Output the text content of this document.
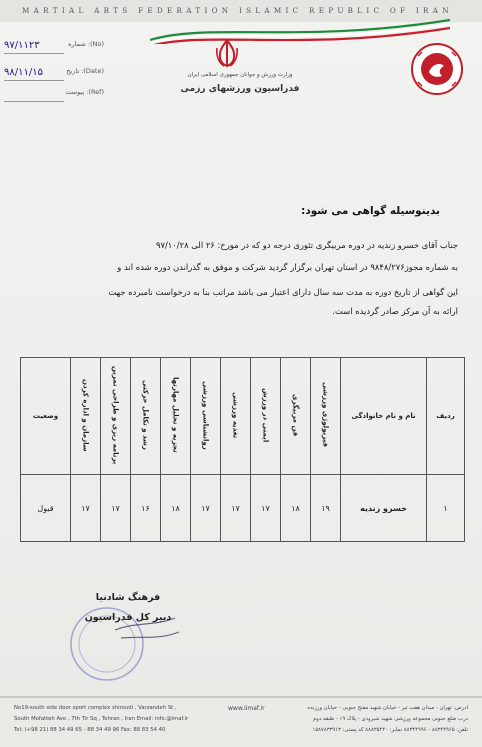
MARTIAL ARTS FEDERATION ISLAMIC REPUBLIC OF IRAN
۹۷/۱۱۲۳	شماره :(No)
۹۸/۱۱/۱۵	تاریخ :(Date)
پیوست :(Ref)
وزارت ورزش و جوانان جمهوری اسلامی ایران
فدراسیون ورزشهای رزمی
بدینوسیله گواهی می شود:
جناب آقای خسرو زندیه در دوره مربیگری تئوری درجه دو که در مورخ: ۲۶ الی ۹۷/۱۰/۲۸
به شماره مجوز۹۸۴۸/۲۷۶ در استان تهران برگزار گردید شرکت و موفق به گذراندن دوره شده اند و
این گواهی از تاریخ دوره به مدت سه سال دارای اعتبار می باشد مراتب بنا به درخواست نامبرده جهت
ارائه به آن مرکز صادر گردیده است.
ردیف	نام و نام خانوادگی	فیزیولوژی ورزشی	فن مربیگری	ایمنی در ورزش	تغذیه ورزشی	روانشناسی ورزشی	تجزیه و تحلیل مهارتها	رشد و تکامل حرکتی	برنامه ریزی و طراحی تمرین	سازمان و اداره کردن	وضعیت
۱	خسرو زندیه	۱۹	۱۸	۱۷	۱۷	۱۷	۱۸	۱۶	۱۷	۱۷	قبول
فرهنگ شادنیا
دبیر کل فدراسیون
No19-south side door sport complex shiroudi , Varzandeh St ,
South Mofatteh Ave , 7th Tir Sq , Tehran , Iran Email: info.@imaf.ir
Tel: (+98 21) 88 34 49 65 - 88 34 49 96 Fax: 88 83 54 40
www.iimaf.ir	آدرس: تهران - میدان هفت تیر - خیابان شهید مفتح جنوبی - خیابان ورزنده
درب ضلع جنوبی مجموعه ورزشی شهید شیرودی - پلاک ۱۹ - طبقه دوم
تلفن: ۸۸۳۴۴۹۶۵ - ۸۸۳۴۴۹۹۶ نمابر: ۸۸۸۳۵۴۴۰ کد پستی: ۱۵۸۷۸۳۳۹۱۳
